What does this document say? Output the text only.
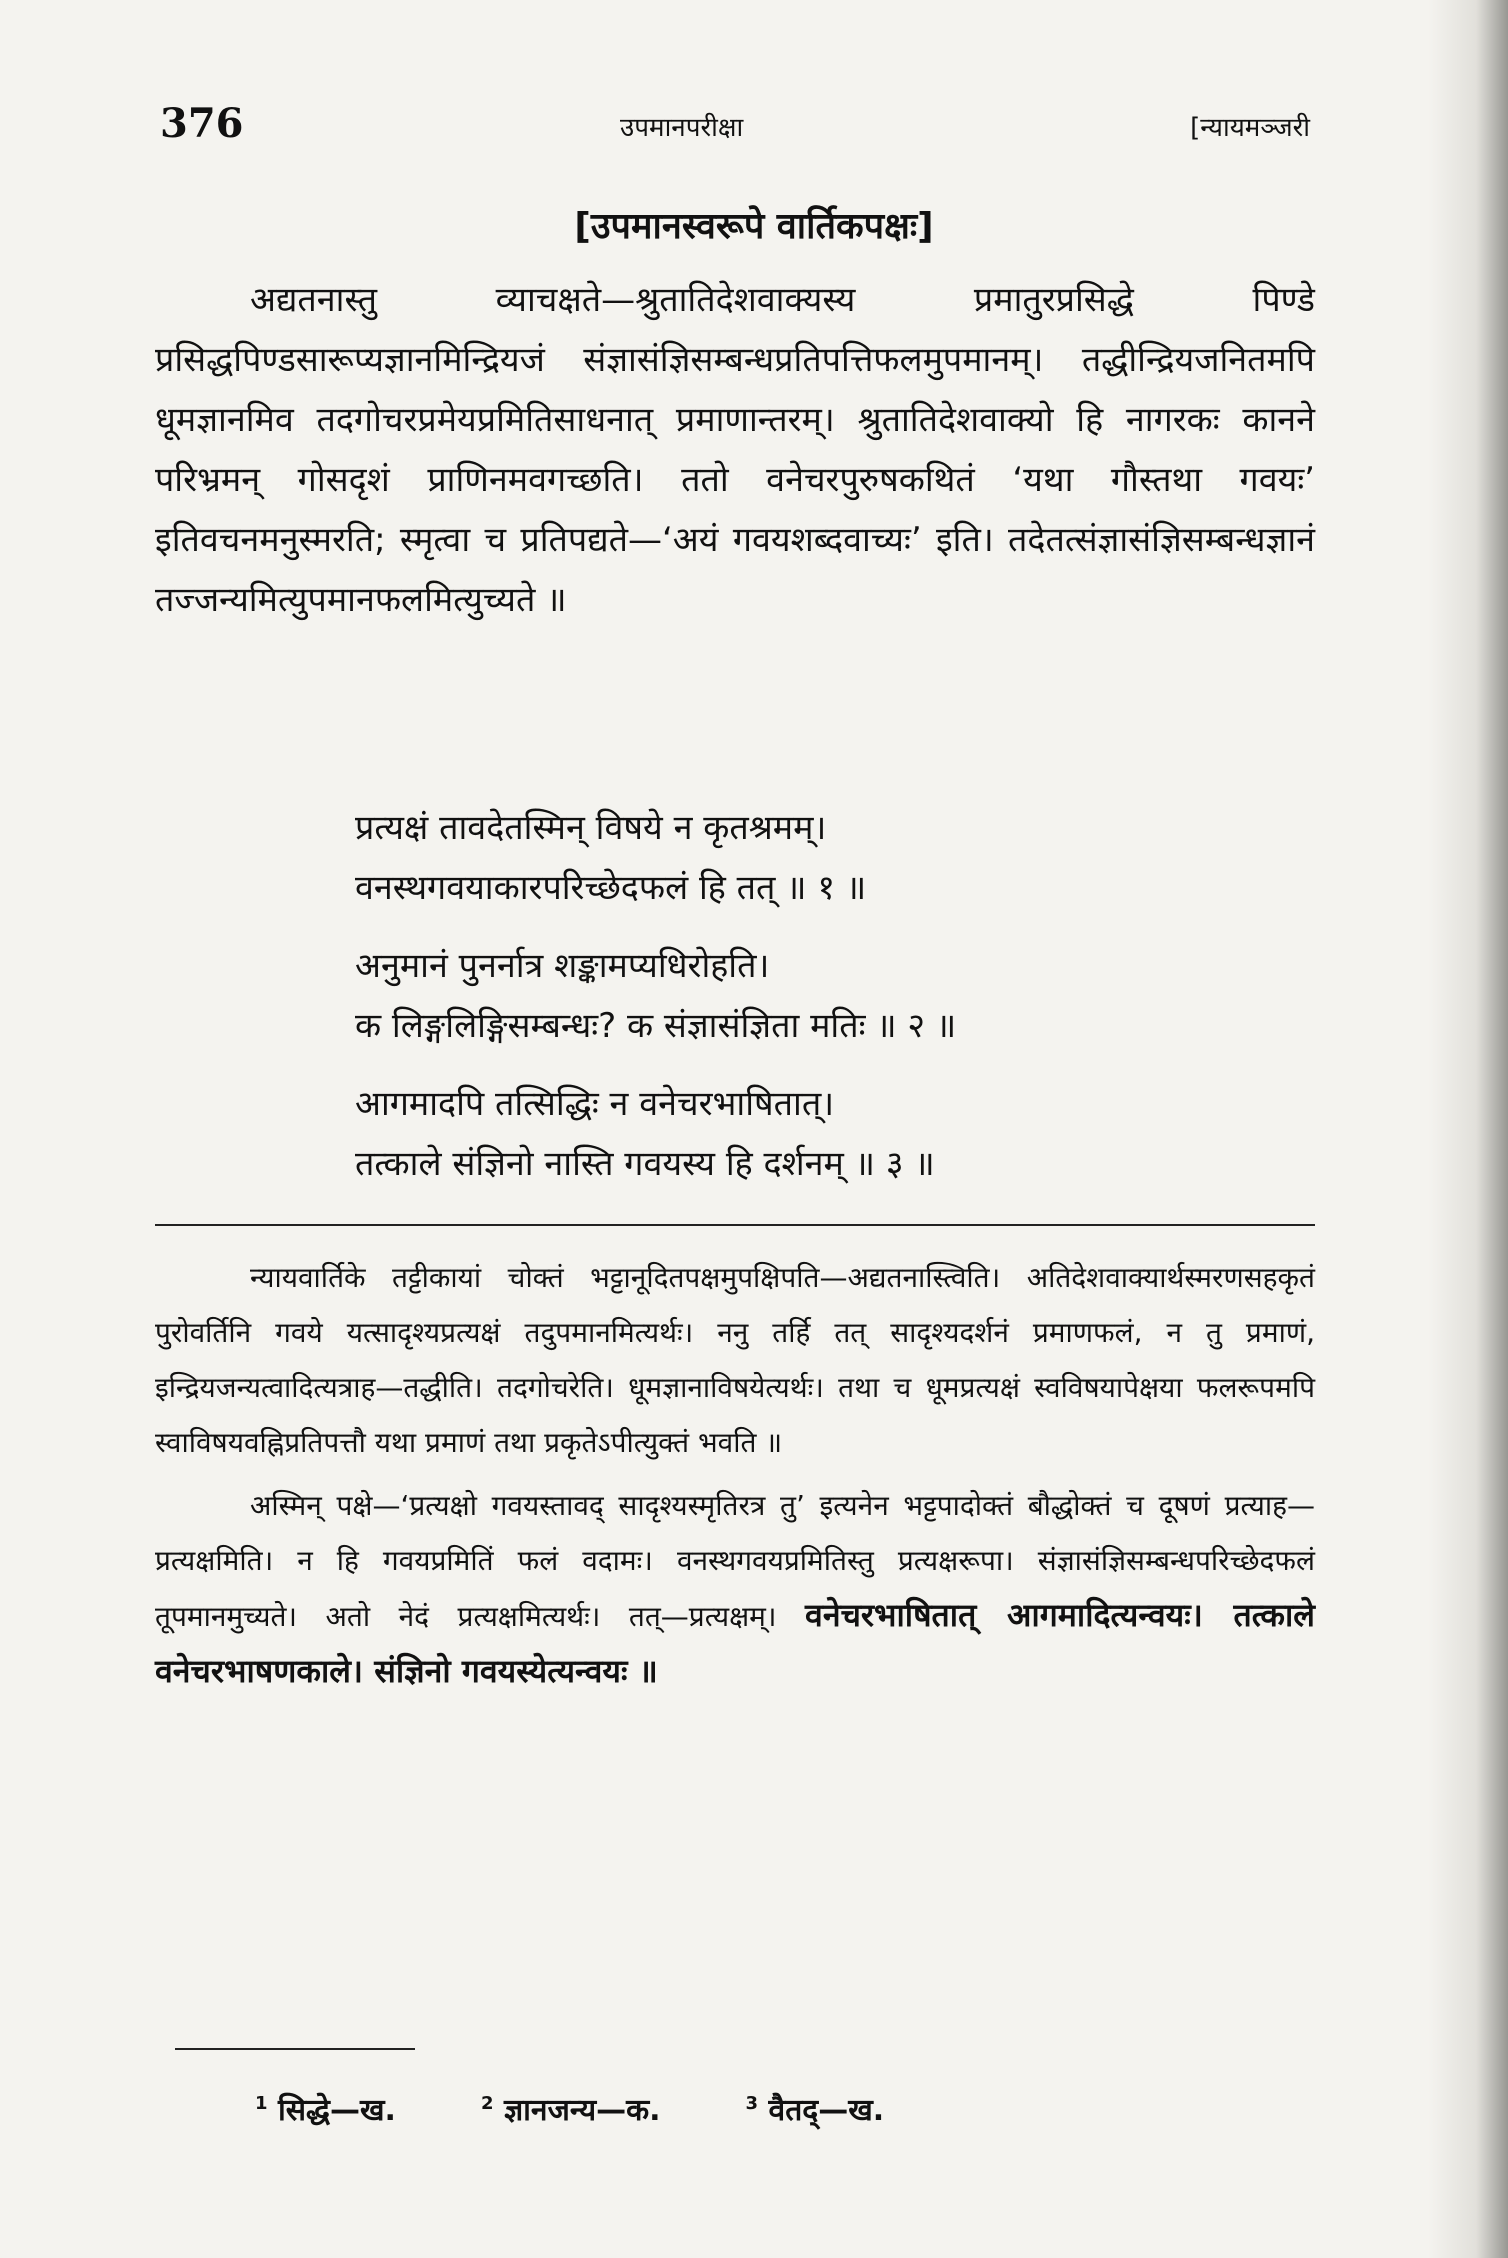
376	उपमानपरीक्षा	[न्यायमञ्जरी
[उपमानस्वरूपे वार्तिकपक्षः]

अद्यतनास्तु व्याचक्षते—श्रुतातिदेशवाक्यस्य प्रमातुरप्रसिद्धे पिण्डे प्रसिद्धपिण्डसारूप्यज्ञानमिन्द्रियजं संज्ञासंज्ञिसम्बन्धप्रतिपत्तिफलमुपमानम्। तद्धीन्द्रियजनितमपि धूमज्ञानमिव तदगोचरप्रमेयप्रमितिसाधनात् प्रमाणान्तरम्। श्रुतातिदेशवाक्यो हि नागरकः कानने परिभ्रमन् गोसदृशं प्राणिनमवगच्छति। ततो वनेचरपुरुषकथितं ‘यथा गौस्तथा गवयः’ इतिवचनमनुस्मरति; स्मृत्वा च प्रतिपद्यते—‘अयं गवयशब्दवाच्यः’ इति। तदेतत्संज्ञासंज्ञिसम्बन्धज्ञानं तज्जन्यमित्युपमानफलमित्युच्यते ॥

प्रत्यक्षं तावदेतस्मिन् विषये न कृतश्रमम्।
वनस्थगवयाकारपरिच्छेदफलं हि तत् ॥ १ ॥
अनुमानं पुनर्नात्र शङ्कामप्यधिरोहति।
क लिङ्गलिङ्गिसम्बन्धः? क संज्ञासंज्ञिता मतिः ॥ २ ॥
आगमादपि तत्सिद्धिः न वनेचरभाषितात्।
तत्काले संज्ञिनो नास्ति गवयस्य हि दर्शनम् ॥ ३ ॥

न्यायवार्तिके तट्टीकायां चोक्तं भट्टानूदितपक्षमुपक्षिपति—अद्यतनास्त्विति। अतिदेशवाक्यार्थस्मरणसहकृतं पुरोवर्तिनि गवये यत्सादृश्यप्रत्यक्षं तदुपमानमित्यर्थः। ननु तर्हि तत् सादृश्यदर्शनं प्रमाणफलं, न तु प्रमाणं, इन्द्रियजन्यत्वादित्यत्राह—तद्धीति। तदगोचरेति। धूमज्ञानाविषयेत्यर्थः। तथा च धूमप्रत्यक्षं स्वविषयापेक्षया फलरूपमपि स्वाविषयवह्निप्रतिपत्तौ यथा प्रमाणं तथा प्रकृतेऽपीत्युक्तं भवति ॥

अस्मिन् पक्षे—‘प्रत्यक्षो गवयस्तावद् सादृश्यस्मृतिरत्र तु’ इत्यनेन भट्टपादोक्तं बौद्धोक्तं च दूषणं प्रत्याह—प्रत्यक्षमिति। न हि गवयप्रमितिं फलं वदामः। वनस्थगवयप्रमितिस्तु प्रत्यक्षरूपा। संज्ञासंज्ञिसम्बन्धपरिच्छेदफलं तूपमानमुच्यते। अतो नेदं प्रत्यक्षमित्यर्थः। तत्—प्रत्यक्षम्। वनेचरभाषितात् आगमादित्यन्वयः। तत्काले वनेचरभाषणकाले। संज्ञिनो गवयस्येत्यन्वयः ॥

$^1$ सिद्धे—ख.	$^2$ ज्ञानजन्य—क.	$^3$ वैतद्—ख.
